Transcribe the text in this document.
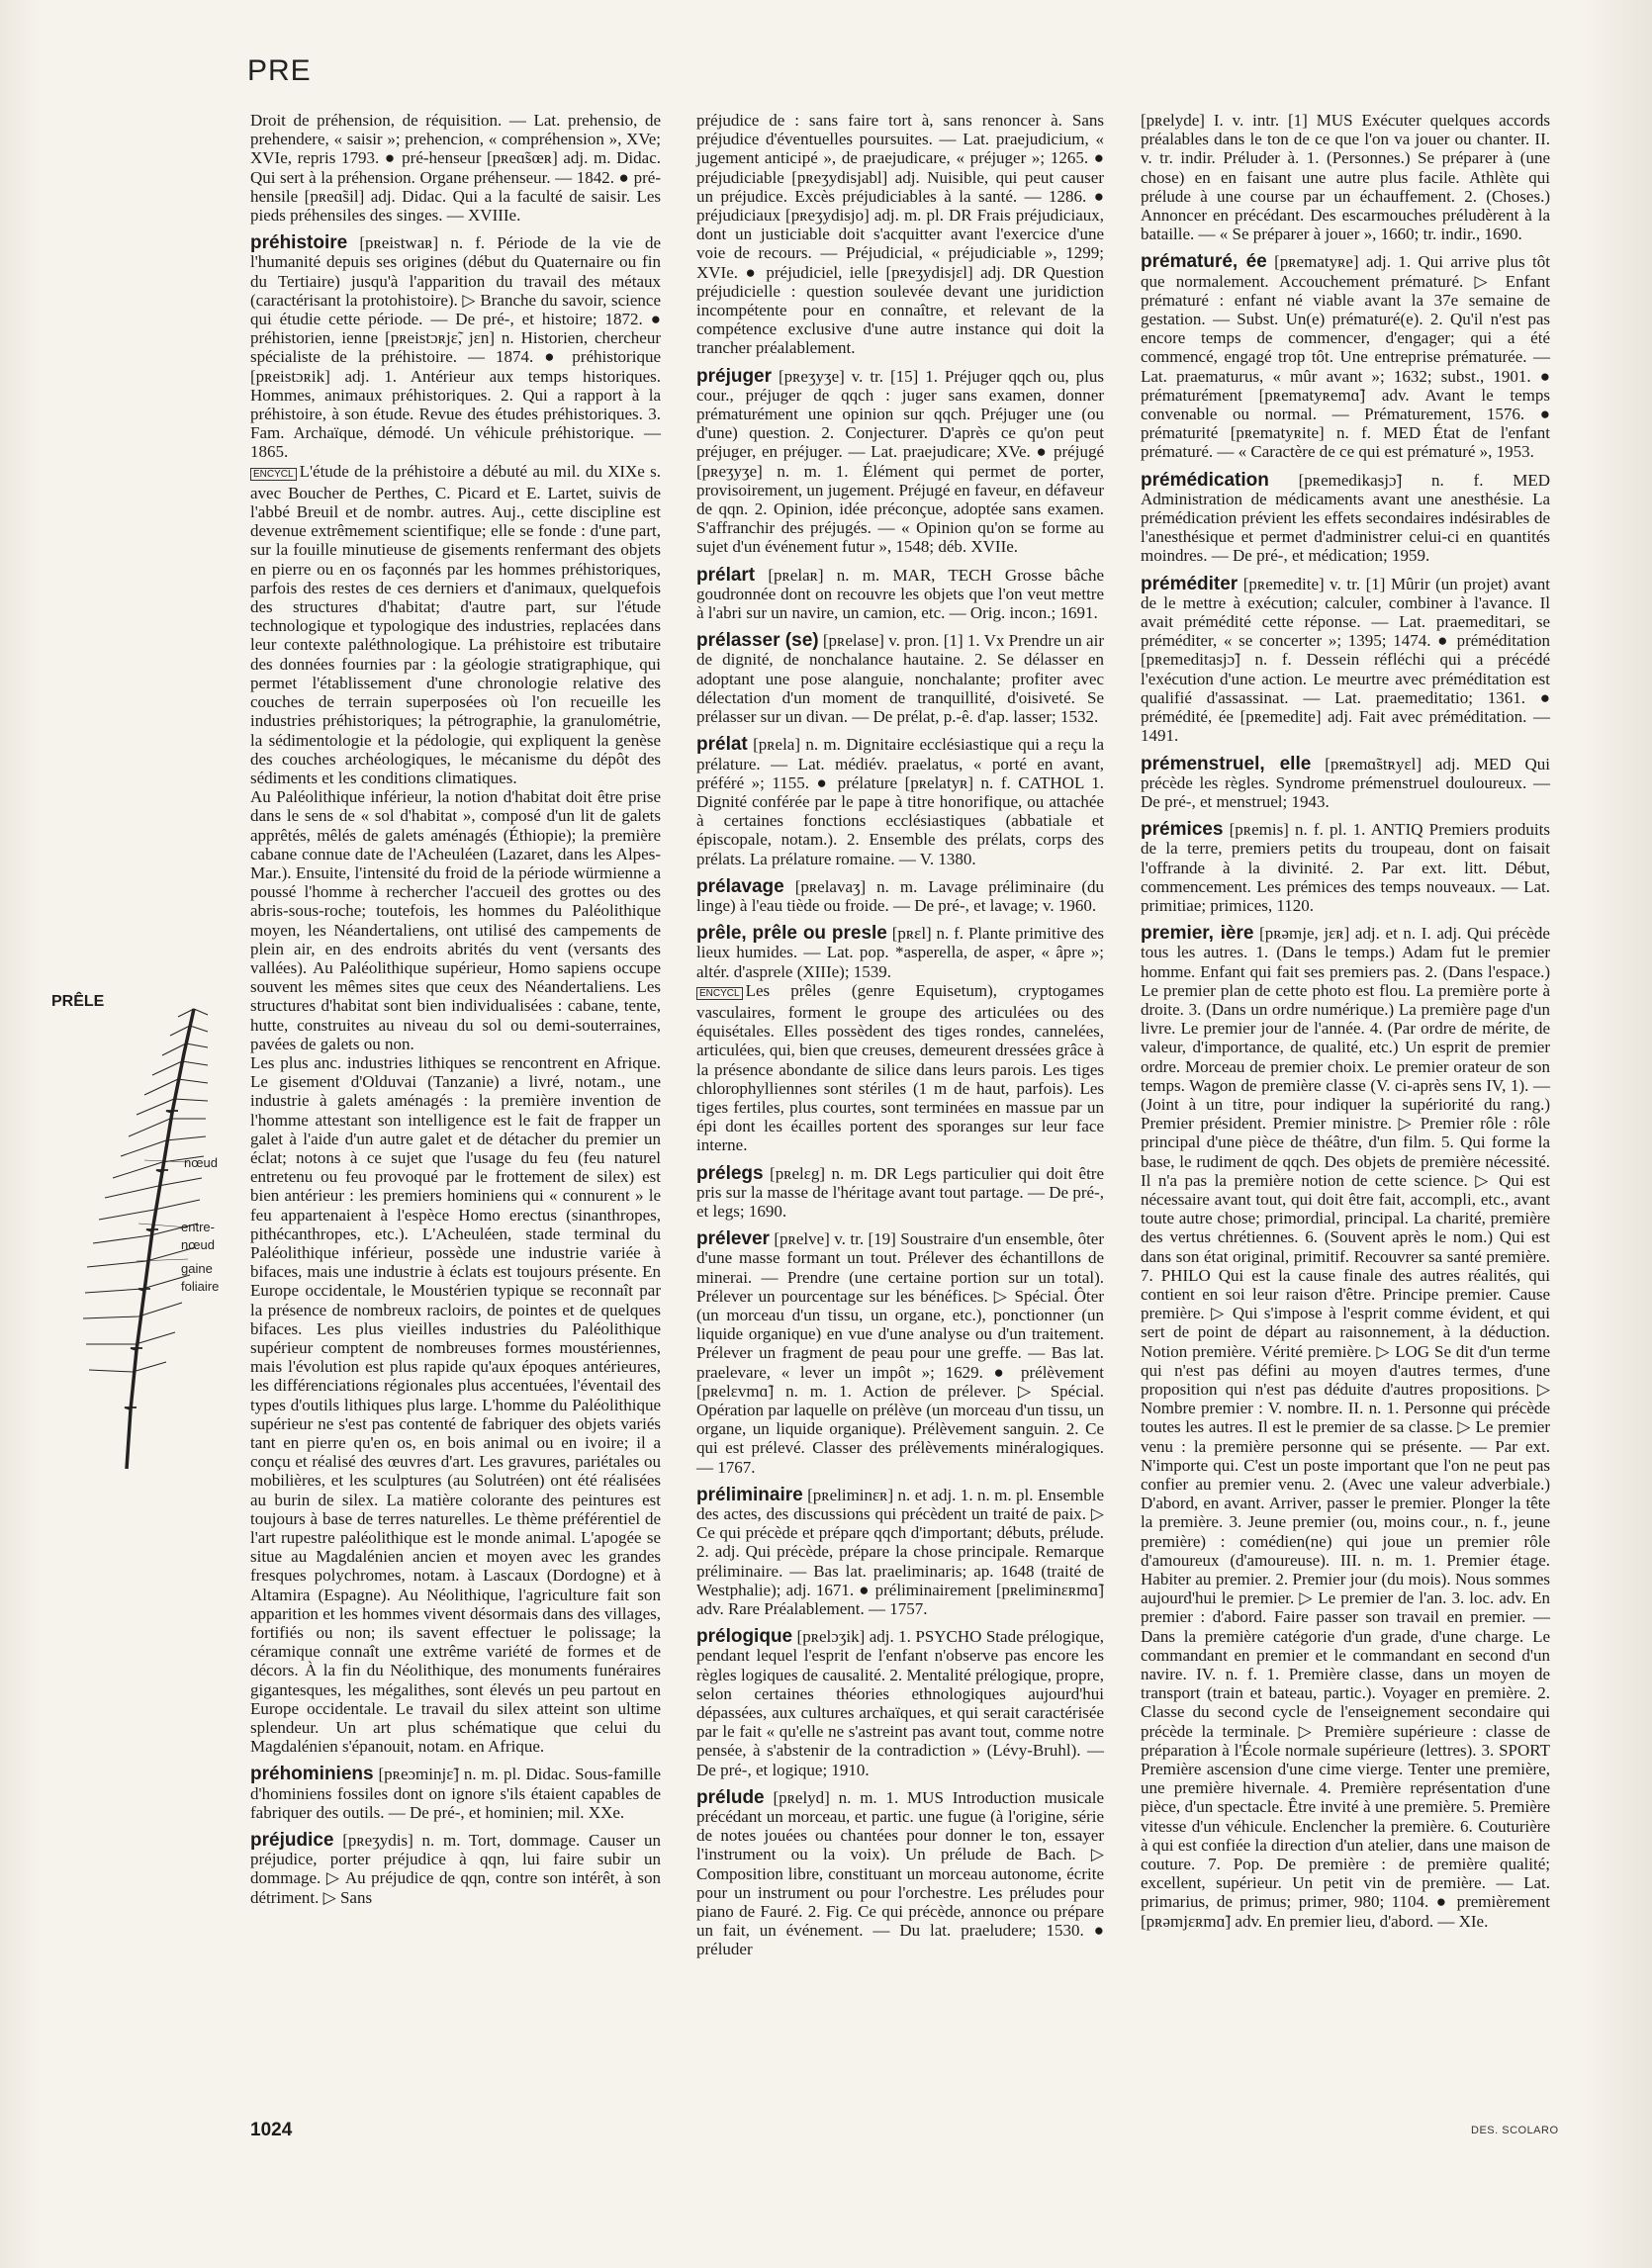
PRE
PRÊLE
nœud
entre-nœud
gaine foliaire

Droit de préhension, de réquisition. — Lat. prehensio, de prehendere, « saisir »; prehencion, « compréhension », XVe; XVIe, repris 1793. ● pré-henseur [pʀeɑ̃sœʀ] adj. m. Didac. Qui sert à la préhension. Organe préhenseur. — 1842. ● pré-hensile [pʀeɑ̃sil] adj. Didac. Qui a la faculté de saisir. Les pieds préhensiles des singes. — XVIIIe.

préhistoire [pʀeistwaʀ] n. f. Période de la vie de l'humanité depuis ses origines (début du Quaternaire ou fin du Tertiaire) jusqu'à l'apparition du travail des métaux (caractérisant la protohistoire). ▷ Branche du savoir, science qui étudie cette période. — De pré-, et histoire; 1872. ● préhistorien, ienne [pʀeistɔʀjɛ̃, jɛn] n. Historien, chercheur spécialiste de la préhistoire. — 1874. ● préhistorique [pʀeistɔʀik] adj. 1. Antérieur aux temps historiques. Hommes, animaux préhistoriques. 2. Qui a rapport à la préhistoire, à son étude. Revue des études préhistoriques. 3. Fam. Archaïque, démodé. Un véhicule préhistorique. — 1865.

ENCYCL L'étude de la préhistoire a débuté au mil. du XIXe s. avec Boucher de Perthes, C. Picard et E. Lartet, suivis de l'abbé Breuil et de nombr. autres. Auj., cette discipline est devenue extrêmement scientifique; elle se fonde : d'une part, sur la fouille minutieuse de gisements renfermant des objets en pierre ou en os façonnés par les hommes préhistoriques, parfois des restes de ces derniers et d'animaux, quelquefois des structures d'habitat; d'autre part, sur l'étude technologique et typologique des industries, replacées dans leur contexte paléthnologique. La préhistoire est tributaire des données fournies par : la géologie stratigraphique, qui permet l'établissement d'une chronologie relative des couches de terrain superposées où l'on recueille les industries préhistoriques; la pétrographie, la granulométrie, la sédimentologie et la pédologie, qui expliquent la genèse des couches archéologiques, le mécanisme du dépôt des sédiments et les conditions climatiques.

Au Paléolithique inférieur, la notion d'habitat doit être prise dans le sens de « sol d'habitat », composé d'un lit de galets apprêtés, mêlés de galets aménagés (Éthiopie); la première cabane connue date de l'Acheuléen (Lazaret, dans les Alpes-Mar.). Ensuite, l'intensité du froid de la période würmienne a poussé l'homme à rechercher l'accueil des grottes ou des abris-sous-roche; toutefois, les hommes du Paléolithique moyen, les Néandertaliens, ont utilisé des campements de plein air, en des endroits abrités du vent (versants des vallées). Au Paléolithique supérieur, Homo sapiens occupe souvent les mêmes sites que ceux des Néandertaliens. Les structures d'habitat sont bien individualisées : cabane, tente, hutte, construites au niveau du sol ou demi-souterraines, pavées de galets ou non.

Les plus anc. industries lithiques se rencontrent en Afrique. Le gisement d'Olduvai (Tanzanie) a livré, notam., une industrie à galets aménagés : la première invention de l'homme attestant son intelligence est le fait de frapper un galet à l'aide d'un autre galet et de détacher du premier un éclat; notons à ce sujet que l'usage du feu (feu naturel entretenu ou feu provoqué par le frottement de silex) est bien antérieur : les premiers hominiens qui « connurent » le feu appartenaient à l'espèce Homo erectus (sinanthropes, pithécanthropes, etc.). L'Acheuléen, stade terminal du Paléolithique inférieur, possède une industrie variée à bifaces, mais une industrie à éclats est toujours présente. En Europe occidentale, le Moustérien typique se reconnaît par la présence de nombreux racloirs, de pointes et de quelques bifaces. Les plus vieilles industries du Paléolithique supérieur comptent de nombreuses formes moustériennes, mais l'évolution est plus rapide qu'aux époques antérieures, les différenciations régionales plus accentuées, l'éventail des types d'outils lithiques plus large. L'homme du Paléolithique supérieur ne s'est pas contenté de fabriquer des objets variés tant en pierre qu'en os, en bois animal ou en ivoire; il a conçu et réalisé des œuvres d'art. Les gravures, pariétales ou mobilières, et les sculptures (au Solutréen) ont été réalisées au burin de silex. La matière colorante des peintures est toujours à base de terres naturelles. Le thème préférentiel de l'art rupestre paléolithique est le monde animal. L'apogée se situe au Magdalénien ancien et moyen avec les grandes fresques polychromes, notam. à Lascaux (Dordogne) et à Altamira (Espagne). Au Néolithique, l'agriculture fait son apparition et les hommes vivent désormais dans des villages, fortifiés ou non; ils savent effectuer le polissage; la céramique connaît une extrême variété de formes et de décors. À la fin du Néolithique, des monuments funéraires gigantesques, les mégalithes, sont élevés un peu partout en Europe occidentale. Le travail du silex atteint son ultime splendeur. Un art plus schématique que celui du Magdalénien s'épanouit, notam. en Afrique.

préhominiens [pʀeɔminjɛ̃] n. m. pl. Didac. Sous-famille d'hominiens fossiles dont on ignore s'ils étaient capables de fabriquer des outils. — De pré-, et hominien; mil. XXe.

préjudice [pʀeʒydis] n. m. Tort, dommage. Causer un préjudice, porter préjudice à qqn, lui faire subir un dommage. ▷ Au préjudice de qqn, contre son intérêt, à son détriment. ▷ Sans

préjudice de : sans faire tort à, sans renoncer à. Sans préjudice d'éventuelles poursuites. — Lat. praejudicium, « jugement anticipé », de praejudicare, « préjuger »; 1265. ● préjudiciable [pʀeʒydisjabl] adj. Nuisible, qui peut causer un préjudice. Excès préjudiciables à la santé. — 1286. ● préjudiciaux [pʀeʒydisjo] adj. m. pl. DR Frais préjudiciaux, dont un justiciable doit s'acquitter avant l'exercice d'une voie de recours. — Préjudicial, « préjudiciable », 1299; XVIe. ● préjudiciel, ielle [pʀeʒydisjɛl] adj. DR Question préjudicielle : question soulevée devant une juridiction incompétente pour en connaître, et relevant de la compétence exclusive d'une autre instance qui doit la trancher préalablement.

préjuger [pʀeʒyʒe] v. tr. [15] 1. Préjuger qqch ou, plus cour., préjuger de qqch : juger sans examen, donner prématurément une opinion sur qqch. Préjuger une (ou d'une) question. 2. Conjecturer. D'après ce qu'on peut préjuger, en préjuger. — Lat. praejudicare; XVe. ● préjugé [pʀeʒyʒe] n. m. 1. Élément qui permet de porter, provisoirement, un jugement. Préjugé en faveur, en défaveur de qqn. 2. Opinion, idée préconçue, adoptée sans examen. S'affranchir des préjugés. — « Opinion qu'on se forme au sujet d'un événement futur », 1548; déb. XVIIe.

prélart [pʀelaʀ] n. m. MAR, TECH Grosse bâche goudronnée dont on recouvre les objets que l'on veut mettre à l'abri sur un navire, un camion, etc. — Orig. incon.; 1691.

prélasser (se) [pʀelase] v. pron. [1] 1. Vx Prendre un air de dignité, de nonchalance hautaine. 2. Se délasser en adoptant une pose alanguie, nonchalante; profiter avec délectation d'un moment de tranquillité, d'oisiveté. Se prélasser sur un divan. — De prélat, p.-ê. d'ap. lasser; 1532.

prélat [pʀela] n. m. Dignitaire ecclésiastique qui a reçu la prélature. — Lat. médiév. praelatus, « porté en avant, préféré »; 1155. ● prélature [pʀelatyʀ] n. f. CATHOL 1. Dignité conférée par le pape à titre honorifique, ou attachée à certaines fonctions ecclésiastiques (abbatiale et épiscopale, notam.). 2. Ensemble des prélats, corps des prélats. La prélature romaine. — V. 1380.

prélavage [pʀelavaʒ] n. m. Lavage préliminaire (du linge) à l'eau tiède ou froide. — De pré-, et lavage; v. 1960.

prêle, prêle ou presle [pʀɛl] n. f. Plante primitive des lieux humides. — Lat. pop. *asperella, de asper, « âpre »; altér. d'asprele (XIIIe); 1539.

ENCYCL Les prêles (genre Equisetum), cryptogames vasculaires, forment le groupe des articulées ou des équisétales. Elles possèdent des tiges rondes, cannelées, articulées, qui, bien que creuses, demeurent dressées grâce à la présence abondante de silice dans leurs parois. Les tiges chlorophylliennes sont stériles (1 m de haut, parfois). Les tiges fertiles, plus courtes, sont terminées en massue par un épi dont les écailles portent des sporanges sur leur face interne.

prélegs [pʀelɛg] n. m. DR Legs particulier qui doit être pris sur la masse de l'héritage avant tout partage. — De pré-, et legs; 1690.

prélever [pʀelve] v. tr. [19] Soustraire d'un ensemble, ôter d'une masse formant un tout. Prélever des échantillons de minerai. — Prendre (une certaine portion sur un total). Prélever un pourcentage sur les bénéfices. ▷ Spécial. Ôter (un morceau d'un tissu, un organe, etc.), ponctionner (un liquide organique) en vue d'une analyse ou d'un traitement. Prélever un fragment de peau pour une greffe. — Bas lat. praelevare, « lever un impôt »; 1629. ● prélèvement [pʀelɛvmɑ̃] n. m. 1. Action de prélever. ▷ Spécial. Opération par laquelle on prélève (un morceau d'un tissu, un organe, un liquide organique). Prélèvement sanguin. 2. Ce qui est prélevé. Classer des prélèvements minéralogiques. — 1767.

préliminaire [pʀeliminɛʀ] n. et adj. 1. n. m. pl. Ensemble des actes, des discussions qui précèdent un traité de paix. ▷ Ce qui précède et prépare qqch d'important; débuts, prélude. 2. adj. Qui précède, prépare la chose principale. Remarque préliminaire. — Bas lat. praeliminaris; ap. 1648 (traité de Westphalie); adj. 1671. ● préliminairement [pʀeliminɛʀmɑ̃] adv. Rare Préalablement. — 1757.

prélogique [pʀelɔʒik] adj. 1. PSYCHO Stade prélogique, pendant lequel l'esprit de l'enfant n'observe pas encore les règles logiques de causalité. 2. Mentalité prélogique, propre, selon certaines théories ethnologiques aujourd'hui dépassées, aux cultures archaïques, et qui serait caractérisée par le fait « qu'elle ne s'astreint pas avant tout, comme notre pensée, à s'abstenir de la contradiction » (Lévy-Bruhl). — De pré-, et logique; 1910.

prélude [pʀelyd] n. m. 1. MUS Introduction musicale précédant un morceau, et partic. une fugue (à l'origine, série de notes jouées ou chantées pour donner le ton, essayer l'instrument ou la voix). Un prélude de Bach. ▷ Composition libre, constituant un morceau autonome, écrite pour un instrument ou pour l'orchestre. Les préludes pour piano de Fauré. 2. Fig. Ce qui précède, annonce ou prépare un fait, un événement. — Du lat. praeludere; 1530. ● préluder

[pʀelyde] I. v. intr. [1] MUS Exécuter quelques accords préalables dans le ton de ce que l'on va jouer ou chanter. II. v. tr. indir. Préluder à. 1. (Personnes.) Se préparer à (une chose) en en faisant une autre plus facile. Athlète qui prélude à une course par un échauffement. 2. (Choses.) Annoncer en précédant. Des escarmouches préludèrent à la bataille. — « Se préparer à jouer », 1660; tr. indir., 1690.

prématuré, ée [pʀematyʀe] adj. 1. Qui arrive plus tôt que normalement. Accouchement prématuré. ▷ Enfant prématuré : enfant né viable avant la 37e semaine de gestation. — Subst. Un(e) prématuré(e). 2. Qu'il n'est pas encore temps de commencer, d'engager; qui a été commencé, engagé trop tôt. Une entreprise prématurée. — Lat. praematurus, « mûr avant »; 1632; subst., 1901. ● prématurément [pʀematyʀemɑ̃] adv. Avant le temps convenable ou normal. — Prématurement, 1576. ● prématurité [pʀematyʀite] n. f. MED État de l'enfant prématuré. — « Caractère de ce qui est prématuré », 1953.

prémédication [pʀemedikasjɔ̃] n. f. MED Administration de médicaments avant une anesthésie. La prémédication prévient les effets secondaires indésirables de l'anesthésique et permet d'administrer celui-ci en quantités moindres. — De pré-, et médication; 1959.

préméditer [pʀemedite] v. tr. [1] Mûrir (un projet) avant de le mettre à exécution; calculer, combiner à l'avance. Il avait prémédité cette réponse. — Lat. praemeditari, se préméditer, « se concerter »; 1395; 1474. ● préméditation [pʀemeditasjɔ̃] n. f. Dessein réfléchi qui a précédé l'exécution d'une action. Le meurtre avec préméditation est qualifié d'assassinat. — Lat. praemeditatio; 1361. ● prémédité, ée [pʀemedite] adj. Fait avec préméditation. — 1491.

prémenstruel, elle [pʀemɑ̃stʀyɛl] adj. MED Qui précède les règles. Syndrome prémenstruel douloureux. — De pré-, et menstruel; 1943.

prémices [pʀemis] n. f. pl. 1. ANTIQ Premiers produits de la terre, premiers petits du troupeau, dont on faisait l'offrande à la divinité. 2. Par ext. litt. Début, commencement. Les prémices des temps nouveaux. — Lat. primitiae; primices, 1120.

premier, ière [pʀəmje, jɛʀ] adj. et n. I. adj. Qui précède tous les autres. 1. (Dans le temps.) Adam fut le premier homme. Enfant qui fait ses premiers pas. 2. (Dans l'espace.) Le premier plan de cette photo est flou. La première porte à droite. 3. (Dans un ordre numérique.) La première page d'un livre. Le premier jour de l'année. 4. (Par ordre de mérite, de valeur, d'importance, de qualité, etc.) Un esprit de premier ordre. Morceau de premier choix. Le premier orateur de son temps. Wagon de première classe (V. ci-après sens IV, 1). — (Joint à un titre, pour indiquer la supériorité du rang.) Premier président. Premier ministre. ▷ Premier rôle : rôle principal d'une pièce de théâtre, d'un film. 5. Qui forme la base, le rudiment de qqch. Des objets de première nécessité. Il n'a pas la première notion de cette science. ▷ Qui est nécessaire avant tout, qui doit être fait, accompli, etc., avant toute autre chose; primordial, principal. La charité, première des vertus chrétiennes. 6. (Souvent après le nom.) Qui est dans son état original, primitif. Recouvrer sa santé première. 7. PHILO Qui est la cause finale des autres réalités, qui contient en soi leur raison d'être. Principe premier. Cause première. ▷ Qui s'impose à l'esprit comme évident, et qui sert de point de départ au raisonnement, à la déduction. Notion première. Vérité première. ▷ LOG Se dit d'un terme qui n'est pas défini au moyen d'autres termes, d'une proposition qui n'est pas déduite d'autres propositions. ▷ Nombre premier : V. nombre. II. n. 1. Personne qui précède toutes les autres. Il est le premier de sa classe. ▷ Le premier venu : la première personne qui se présente. — Par ext. N'importe qui. C'est un poste important que l'on ne peut pas confier au premier venu. 2. (Avec une valeur adverbiale.) D'abord, en avant. Arriver, passer le premier. Plonger la tête la première. 3. Jeune premier (ou, moins cour., n. f., jeune première) : comédien(ne) qui joue un premier rôle d'amoureux (d'amoureuse). III. n. m. 1. Premier étage. Habiter au premier. 2. Premier jour (du mois). Nous sommes aujourd'hui le premier. ▷ Le premier de l'an. 3. loc. adv. En premier : d'abord. Faire passer son travail en premier. — Dans la première catégorie d'un grade, d'une charge. Le commandant en premier et le commandant en second d'un navire. IV. n. f. 1. Première classe, dans un moyen de transport (train et bateau, partic.). Voyager en première. 2. Classe du second cycle de l'enseignement secondaire qui précède la terminale. ▷ Première supérieure : classe de préparation à l'École normale supérieure (lettres). 3. SPORT Première ascension d'une cime vierge. Tenter une première, une première hivernale. 4. Première représentation d'une pièce, d'un spectacle. Être invité à une première. 5. Première vitesse d'un véhicule. Enclencher la première. 6. Couturière à qui est confiée la direction d'un atelier, dans une maison de couture. 7. Pop. De première : de première qualité; excellent, supérieur. Un petit vin de première. — Lat. primarius, de primus; primer, 980; 1104. ● premièrement [pʀəmjɛʀmɑ̃] adv. En premier lieu, d'abord. — XIe.

1024	DES. SCOLARO
